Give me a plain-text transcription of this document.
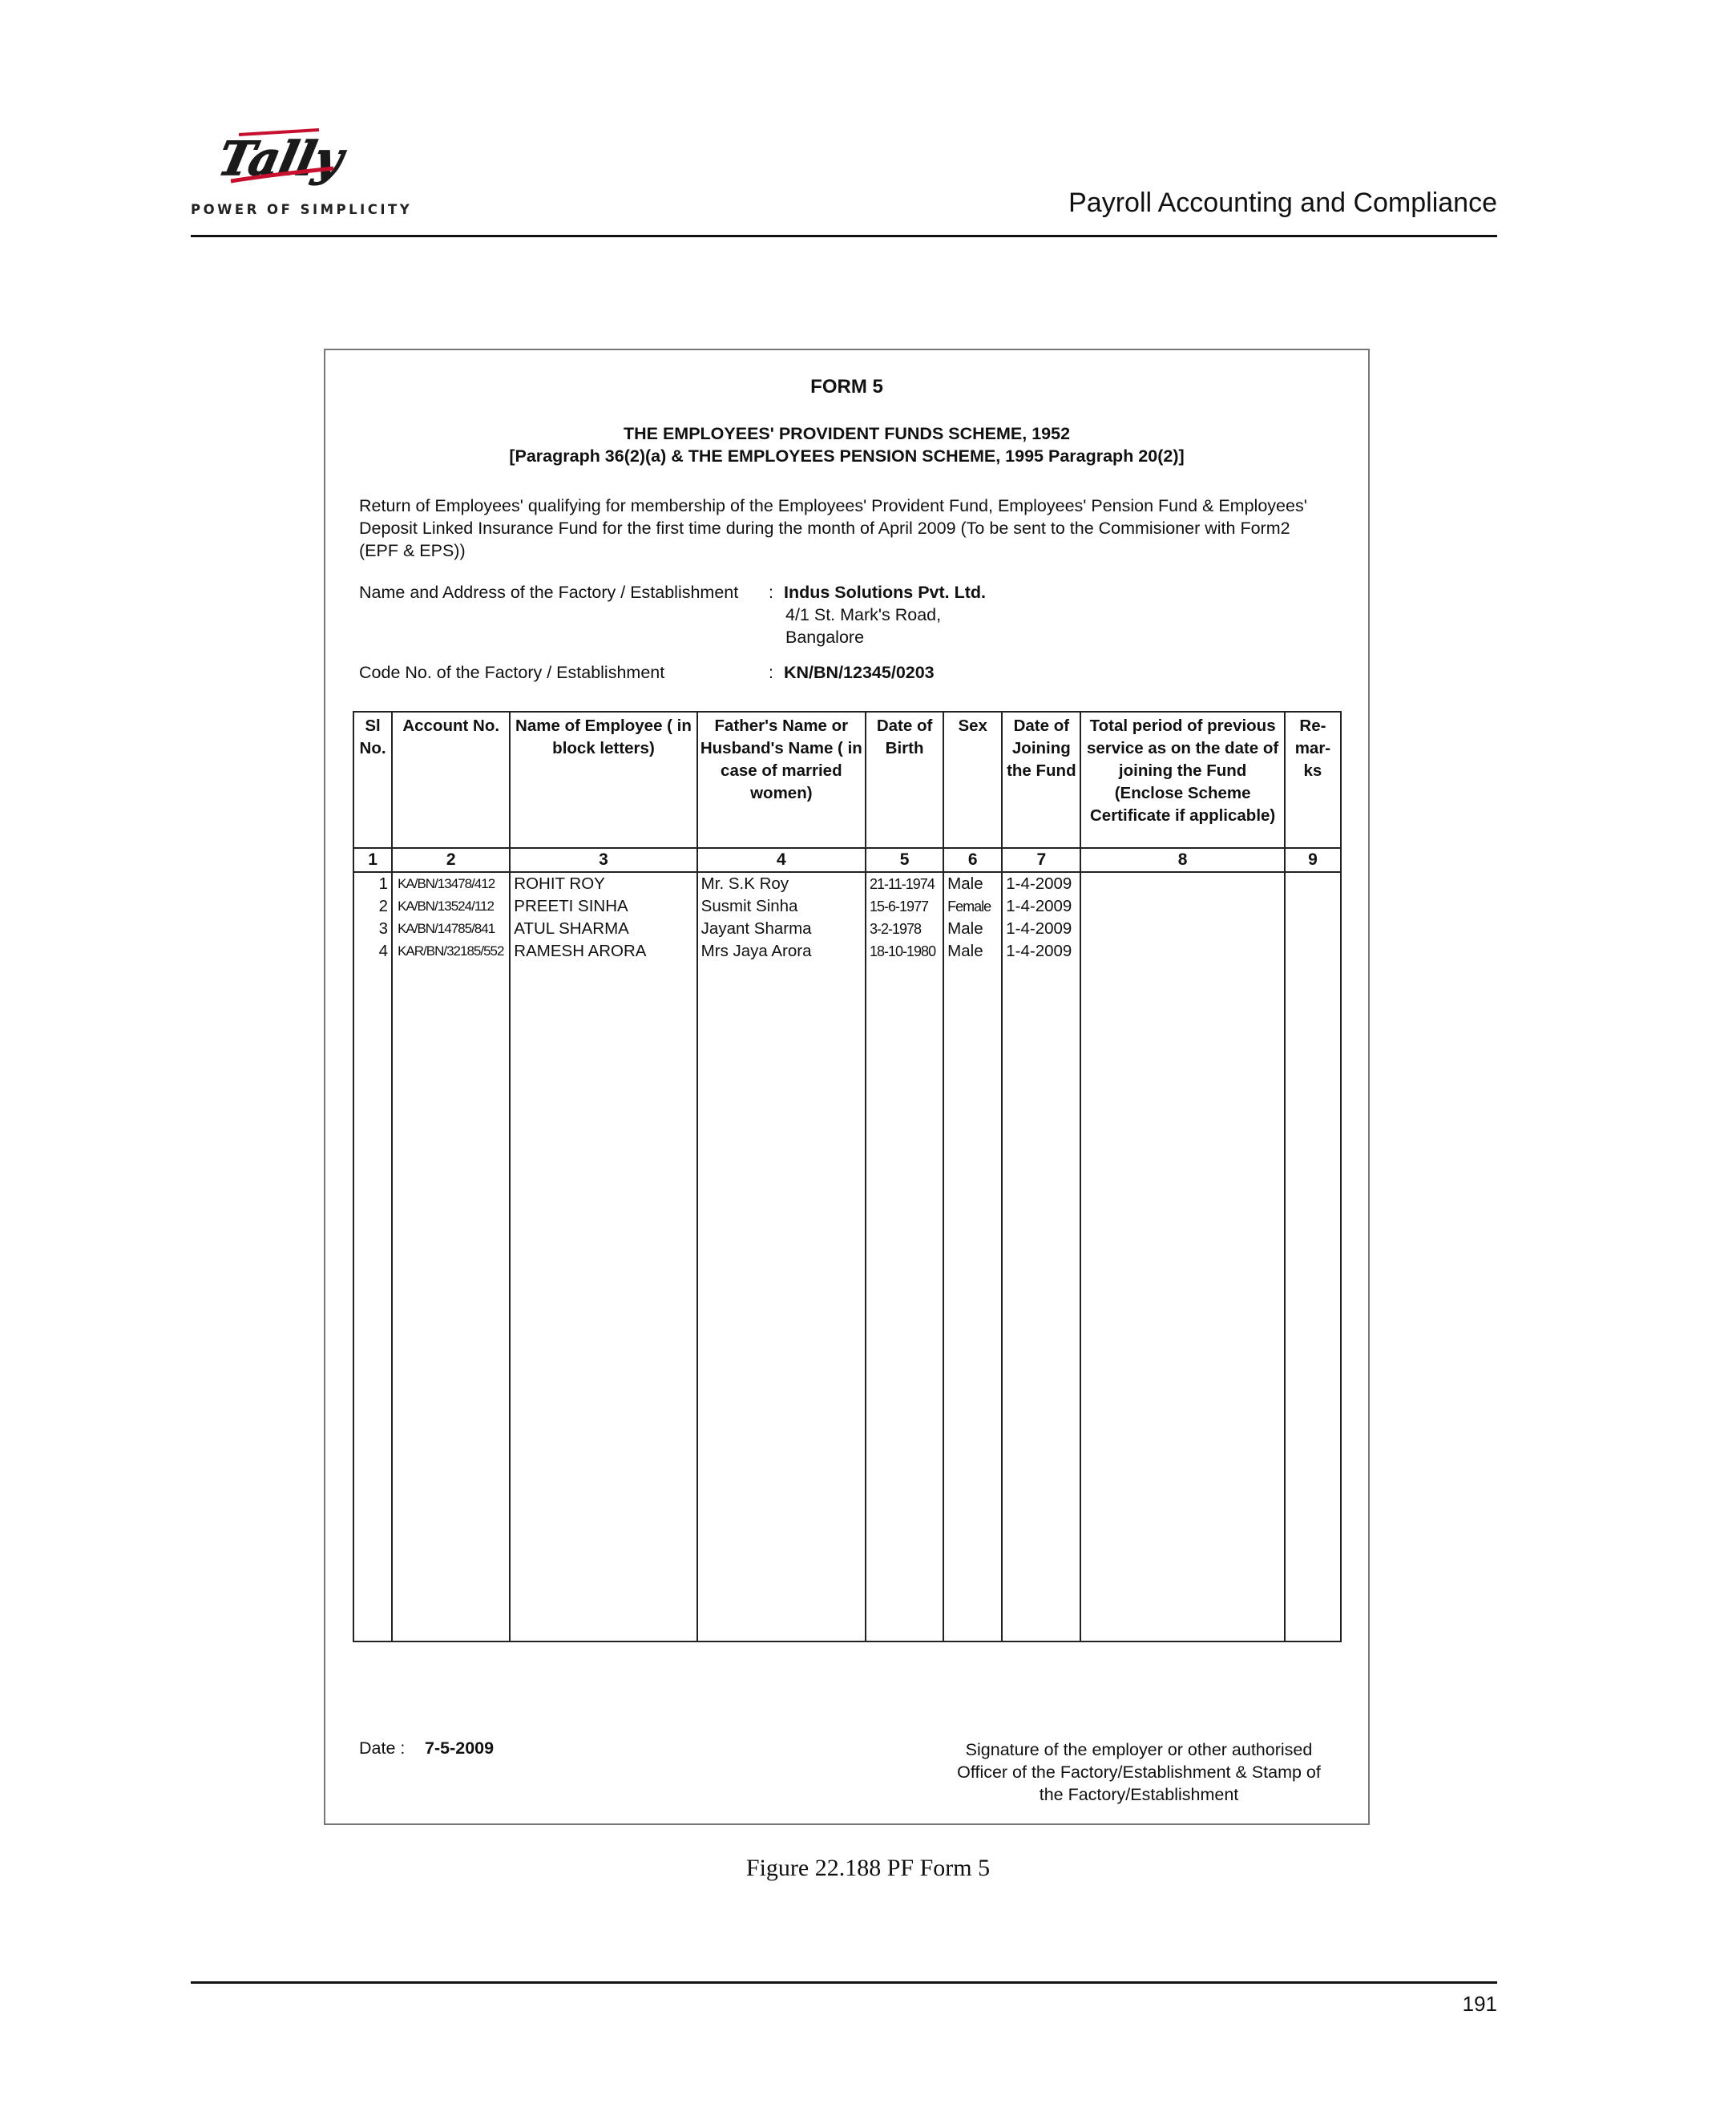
Tally
POWER OF SIMPLICITY	Payroll Accounting and Compliance
FORM 5
THE EMPLOYEES' PROVIDENT FUNDS SCHEME, 1952
[Paragraph 36(2)(a) & THE EMPLOYEES PENSION SCHEME, 1995 Paragraph 20(2)]
Return of Employees' qualifying for membership of the Employees' Provident Fund, Employees' Pension Fund & Employees' Deposit Linked Insurance Fund for the first time during the month of April 2009 (To be sent to the Commisioner with Form2 (EPF & EPS))
Name and Address of the Factory / Establishment : Indus Solutions Pvt. Ltd.
4/1 St. Mark's Road,
Bangalore
Code No. of the Factory / Establishment	: KN/BN/12345/0203
Sl No.	Account No.	Name of Employee ( in block letters)	Father's Name or Husband's Name ( in case of married women)	Date of Birth	Sex	Date of Joining the Fund	Total period of previous service as on the date of joining the Fund (Enclose Scheme Certificate if applicable)	Re-mar-ks
1	2	3	4	5	6	7	8	9
1	KA/BN/13478/412	ROHIT ROY	Mr. S.K Roy	21-11-1974	Male	1-4-2009		
2	KA/BN/13524/112	PREETI SINHA	Susmit Sinha	15-6-1977	Female	1-4-2009		
3	KA/BN/14785/841	ATUL SHARMA	Jayant Sharma	3-2-1978	Male	1-4-2009		
4	KAR/BN/32185/552	RAMESH ARORA	Mrs Jaya Arora	18-10-1980	Male	1-4-2009		

Date : 7-5-2009	Signature of the employer or other authorised Officer of the Factory/Establishment & Stamp of the Factory/Establishment
Figure 22.188 PF Form 5
191
